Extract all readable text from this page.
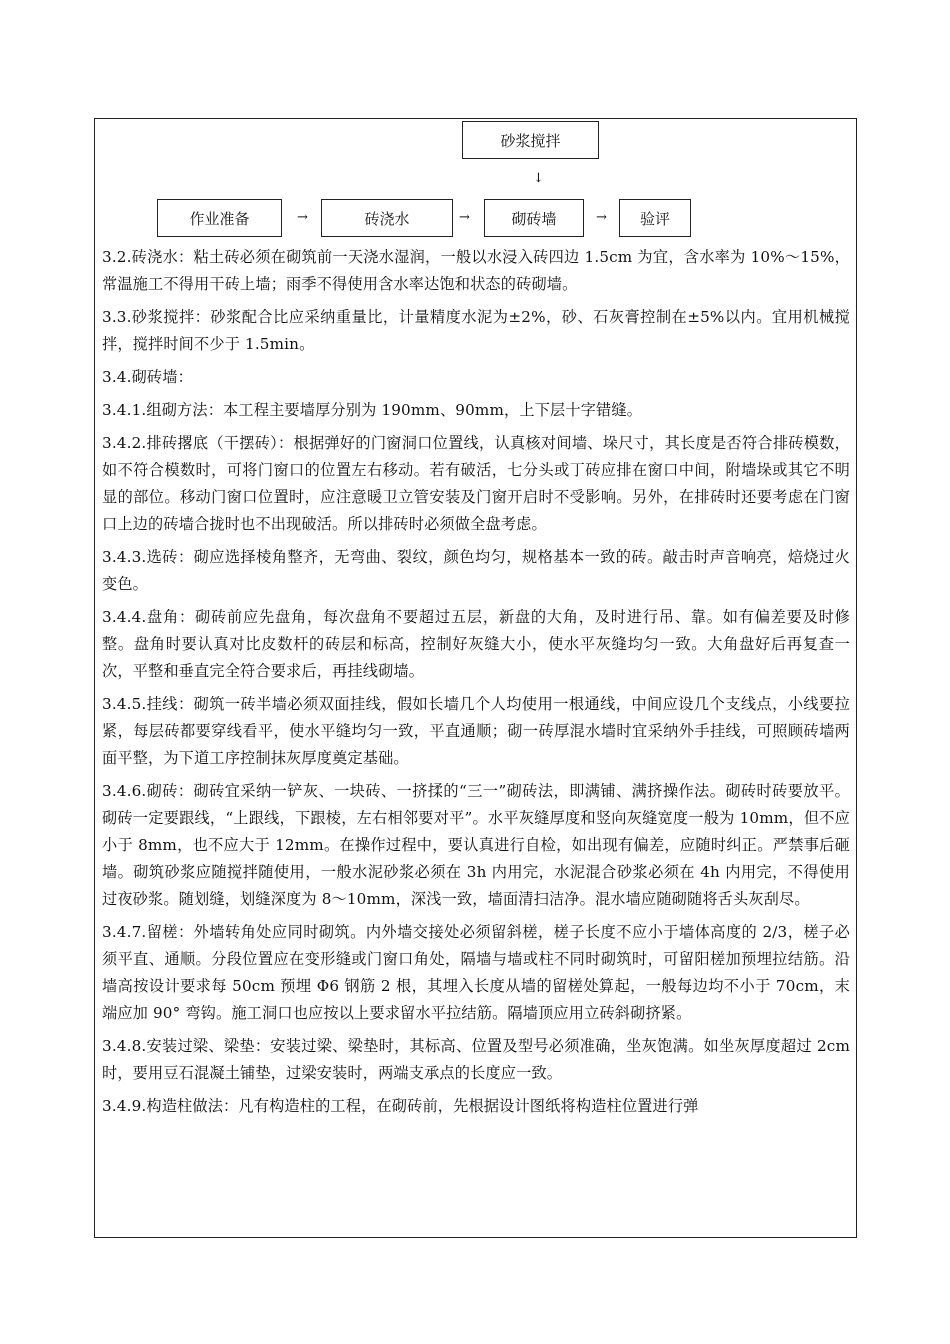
砂浆搅拌
↓
作业准备	→	砖浇水	→	砌砖墙	→ 验评

3.2.砖浇水：粘土砖必须在砌筑前一天浇水湿润，一般以水浸入砖四边 1.5cm 为宜，含水率为 10%～15%，常温施工不得用干砖上墙；雨季不得使用含水率达饱和状态的砖砌墙。

3.3.砂浆搅拌：砂浆配合比应采纳重量比，计量精度水泥为±2%，砂、石灰膏控制在±5%以内。宜用机械搅拌，搅拌时间不少于 1.5min。

3.4.砌砖墙：

3.4.1.组砌方法：本工程主要墙厚分别为 190mm、90mm，上下层十字错缝。

3.4.2.排砖撂底（干摆砖）：根据弹好的门窗洞口位置线，认真核对间墙、垛尺寸，其长度是否符合排砖模数，如不符合模数时，可将门窗口的位置左右移动。若有破活，七分头或丁砖应排在窗口中间，附墙垛或其它不明显的部位。移动门窗口位置时，应注意暖卫立管安装及门窗开启时不受影响。另外，在排砖时还要考虑在门窗口上边的砖墙合拢时也不出现破活。所以排砖时必须做全盘考虑。

3.4.3.选砖：砌应选择棱角整齐，无弯曲、裂纹，颜色均匀，规格基本一致的砖。敲击时声音响亮，焙烧过火变色。

3.4.4.盘角：砌砖前应先盘角，每次盘角不要超过五层，新盘的大角，及时进行吊、靠。如有偏差要及时修整。盘角时要认真对比皮数杆的砖层和标高，控制好灰缝大小，使水平灰缝均匀一致。大角盘好后再复查一次，平整和垂直完全符合要求后，再挂线砌墙。

3.4.5.挂线：砌筑一砖半墙必须双面挂线，假如长墙几个人均使用一根通线，中间应设几个支线点，小线要拉紧，每层砖都要穿线看平，使水平缝均匀一致，平直通顺；砌一砖厚混水墙时宜采纳外手挂线，可照顾砖墙两面平整，为下道工序控制抹灰厚度奠定基础。

3.4.6.砌砖：砌砖宜采纳一铲灰、一块砖、一挤揉的“三一”砌砖法，即满铺、满挤操作法。砌砖时砖要放平。砌砖一定要跟线，“上跟线，下跟棱，左右相邻要对平”。水平灰缝厚度和竖向灰缝宽度一般为 10mm，但不应小于 8mm，也不应大于 12mm。在操作过程中，要认真进行自检，如出现有偏差，应随时纠正。严禁事后砸墙。砌筑砂浆应随搅拌随使用，一般水泥砂浆必须在 3h 内用完，水泥混合砂浆必须在 4h 内用完，不得使用过夜砂浆。随划缝，划缝深度为 8～10mm，深浅一致，墙面清扫洁净。混水墙应随砌随将舌头灰刮尽。

3.4.7.留槎：外墙转角处应同时砌筑。内外墙交接处必须留斜槎，槎子长度不应小于墙体高度的 2/3，槎子必须平直、通顺。分段位置应在变形缝或门窗口角处，隔墙与墙或柱不同时砌筑时，可留阳槎加预埋拉结筋。沿墙高按设计要求每 50cm 预埋 Φ6 钢筋 2 根，其埋入长度从墙的留槎处算起，一般每边均不小于 70cm，末端应加 90° 弯钩。施工洞口也应按以上要求留水平拉结筋。隔墙顶应用立砖斜砌挤紧。

3.4.8.安装过梁、梁垫：安装过梁、梁垫时，其标高、位置及型号必须准确，坐灰饱满。如坐灰厚度超过 2cm 时，要用豆石混凝土铺垫，过梁安装时，两端支承点的长度应一致。

3.4.9.构造柱做法：凡有构造柱的工程，在砌砖前，先根据设计图纸将构造柱位置进行弹
